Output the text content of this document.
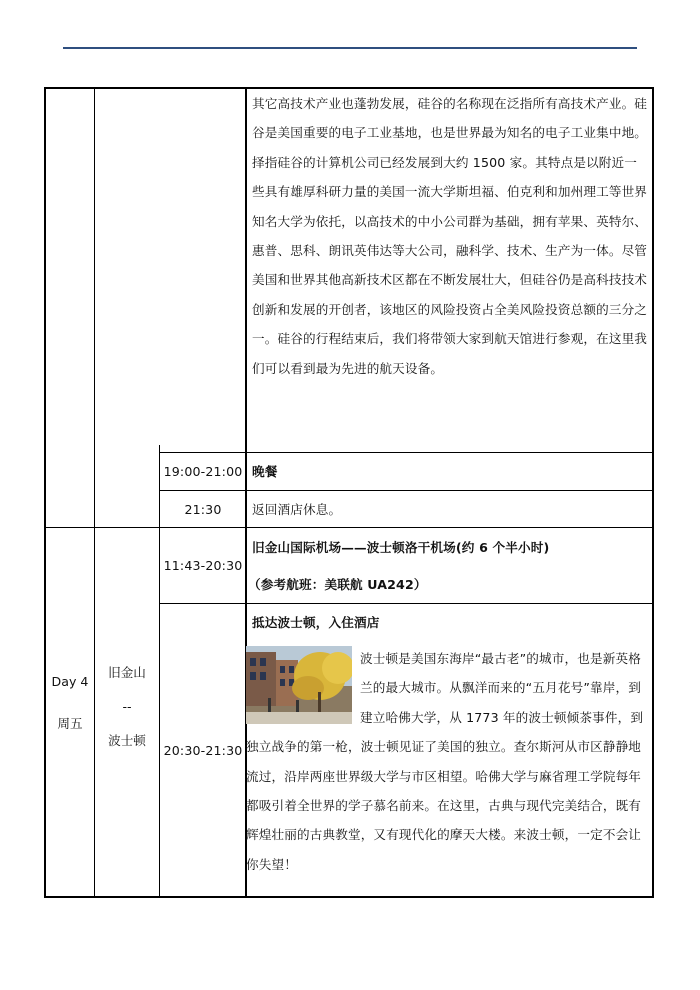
其它高技术产业也蓬勃发展，硅谷的名称现在泛指所有高技术产业。硅谷是美国重要的电子工业基地，也是世界最为知名的电子工业集中地。择指硅谷的计算机公司已经发展到大约 1500 家。其特点是以附近一些具有雄厚科研力量的美国一流大学斯坦福、伯克利和加州理工等世界知名大学为依托，以高技术的中小公司群为基础，拥有苹果、英特尔、惠普、思科、朗讯英伟达等大公司，融科学、技术、生产为一体。尽管美国和世界其他高新技术区都在不断发展壮大，但硅谷仍是高科技技术创新和发展的开创者，该地区的风险投资占全美风险投资总额的三分之一。硅谷的行程结束后，我们将带领大家到航天馆进行参观，在这里我们可以看到最为先进的航天设备。
19:00-21:00 晚餐
21:30	返回酒店休息。
Day 4
周五
旧金山
--
波士顿
11:43-20:30
旧金山国际机场——波士顿洛干机场(约 6 个半小时)
（参考航班：美联航 UA242）
20:30-21:30
抵达波士顿，入住酒店
波士顿是美国东海岸“最古老”的城市，也是新英格兰的最大城市。从飘洋而来的“五月花号”靠岸，到建立哈佛大学，从 1773 年的波士顿倾茶事件，到独立战争的第一枪，波士顿见证了美国的独立。查尔斯河从市区静静地流过，沿岸两座世界级大学与市区相望。哈佛大学与麻省理工学院每年都吸引着全世界的学子慕名前来。在这里，古典与现代完美结合，既有辉煌壮丽的古典教堂，又有现代化的摩天大楼。来波士顿，一定不会让你失望！
